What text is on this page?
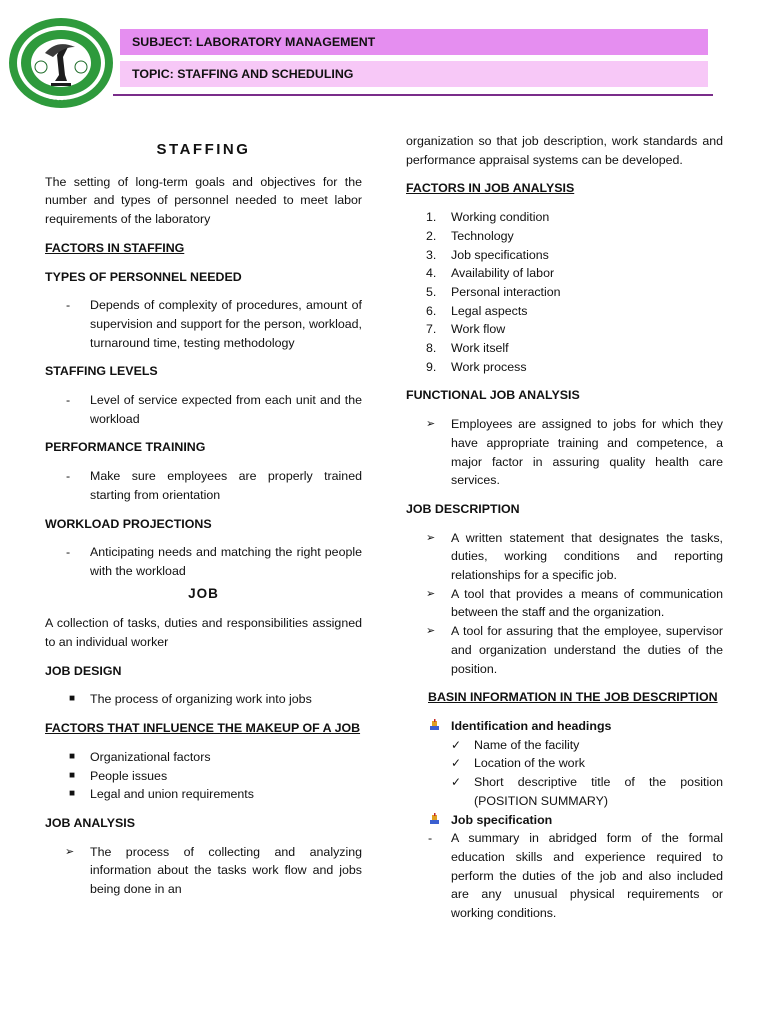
SUBJECT: LABORATORY MANAGEMENT
TOPIC: STAFFING AND SCHEDULING

STAFFING

The setting of long-term goals and objectives for the number and types of personnel needed to meet labor requirements of the laboratory

FACTORS IN STAFFING

TYPES OF PERSONNEL NEEDED

- Depends of complexity of procedures, amount of supervision and support for the person, workload, turnaround time, testing methodology

STAFFING LEVELS

- Level of service expected from each unit and the workload

PERFORMANCE TRAINING

- Make sure employees are properly trained starting from orientation

WORKLOAD PROJECTIONS

- Anticipating needs and matching the right people with the workload

JOB

A collection of tasks, duties and responsibilities assigned to an individual worker

JOB DESIGN

■ The process of organizing work into jobs

FACTORS THAT INFLUENCE THE MAKEUP OF A JOB

■ Organizational factors
■ People issues
■ Legal and union requirements

JOB ANALYSIS

➢ The process of collecting and analyzing information about the tasks work flow and jobs being done in an

organization so that job description, work standards and performance appraisal systems can be developed.

FACTORS IN JOB ANALYSIS

1. Working condition
2. Technology
3. Job specifications
4. Availability of labor
5. Personal interaction
6. Legal aspects
7. Work flow
8. Work itself
9. Work process

FUNCTIONAL JOB ANALYSIS

➢ Employees are assigned to jobs for which they have appropriate training and competence, a major factor in assuring quality health care services.

JOB DESCRIPTION

➢ A written statement that designates the tasks, duties, working conditions and reporting relationships for a specific job.
➢ A tool that provides a means of communication between the staff and the organization.
➢ A tool for assuring that the employee, supervisor and organization understand the duties of the position.

BASIN INFORMATION IN THE JOB DESCRIPTION

Identification and headings
✓ Name of the facility
✓ Location of the work
✓ Short descriptive title of the position (POSITION SUMMARY)
Job specification
- A summary in abridged form of the formal education skills and experience required to perform the duties of the job and also included are any unusual physical requirements or working conditions.
